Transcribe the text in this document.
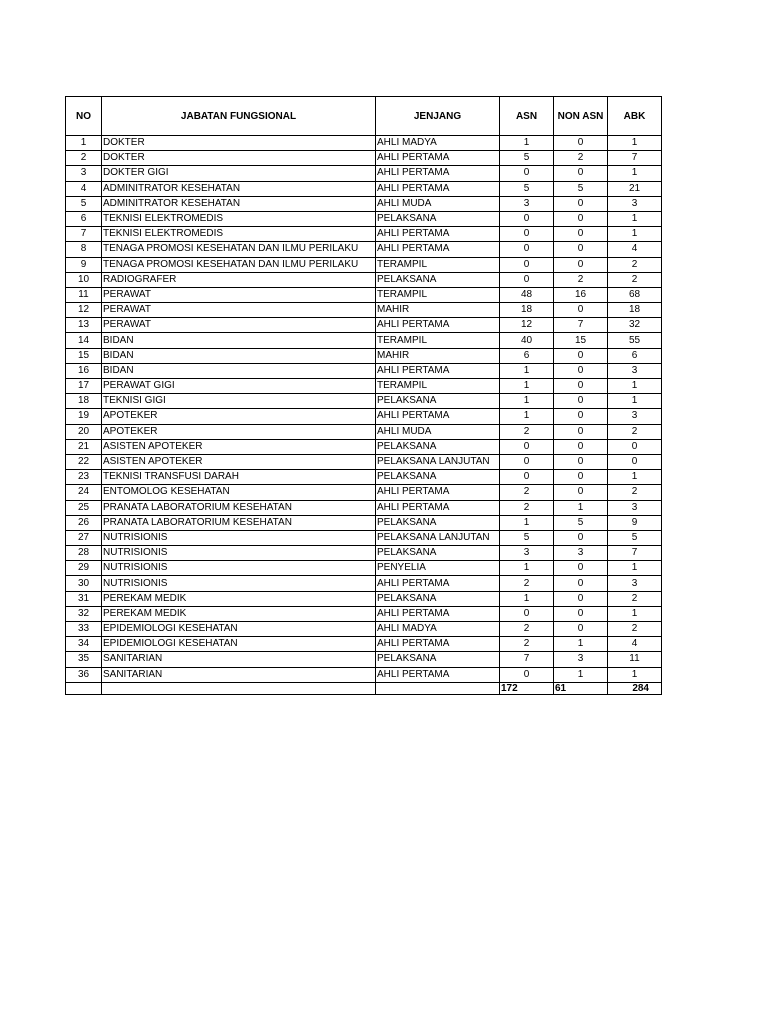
NO	JABATAN FUNGSIONAL	JENJANG	ASN	NON ASN	ABK
1	DOKTER	AHLI MADYA	1	0	1
2	DOKTER	AHLI PERTAMA	5	2	7
3	DOKTER GIGI	AHLI PERTAMA	0	0	1
4	ADMINITRATOR KESEHATAN	AHLI PERTAMA	5	5	21
5	ADMINITRATOR KESEHATAN	AHLI MUDA	3	0	3
6	TEKNISI ELEKTROMEDIS	PELAKSANA	0	0	1
7	TEKNISI ELEKTROMEDIS	AHLI PERTAMA	0	0	1
8	TENAGA PROMOSI KESEHATAN DAN ILMU PERILAKU	AHLI PERTAMA	0	0	4
9	TENAGA PROMOSI KESEHATAN DAN ILMU PERILAKU	TERAMPIL	0	0	2
10	RADIOGRAFER	PELAKSANA	0	2	2
11	PERAWAT	TERAMPIL	48	16	68
12	PERAWAT	MAHIR	18	0	18
13	PERAWAT	AHLI PERTAMA	12	7	32
14	BIDAN	TERAMPIL	40	15	55
15	BIDAN	MAHIR	6	0	6
16	BIDAN	AHLI PERTAMA	1	0	3
17	PERAWAT GIGI	TERAMPIL	1	0	1
18	TEKNISI GIGI	PELAKSANA	1	0	1
19	APOTEKER	AHLI PERTAMA	1	0	3
20	APOTEKER	AHLI MUDA	2	0	2
21	ASISTEN APOTEKER	PELAKSANA	0	0	0
22	ASISTEN APOTEKER	PELAKSANA LANJUTAN	0	0	0
23	TEKNISI TRANSFUSI DARAH	PELAKSANA	0	0	1
24	ENTOMOLOG KESEHATAN	AHLI PERTAMA	2	0	2
25	PRANATA LABORATORIUM KESEHATAN	AHLI PERTAMA	2	1	3
26	PRANATA LABORATORIUM KESEHATAN	PELAKSANA	1	5	9
27	NUTRISIONIS	PELAKSANA LANJUTAN	5	0	5
28	NUTRISIONIS	PELAKSANA	3	3	7
29	NUTRISIONIS	PENYELIA	1	0	1
30	NUTRISIONIS	AHLI PERTAMA	2	0	3
31	PEREKAM MEDIK	PELAKSANA	1	0	2
32	PEREKAM MEDIK	AHLI PERTAMA	0	0	1
33	EPIDEMIOLOGI KESEHATAN	AHLI MADYA	2	0	2
34	EPIDEMIOLOGI KESEHATAN	AHLI PERTAMA	2	1	4
35	SANITARIAN	PELAKSANA	7	3	11
36	SANITARIAN	AHLI PERTAMA	0	1	1
			172	61	284
